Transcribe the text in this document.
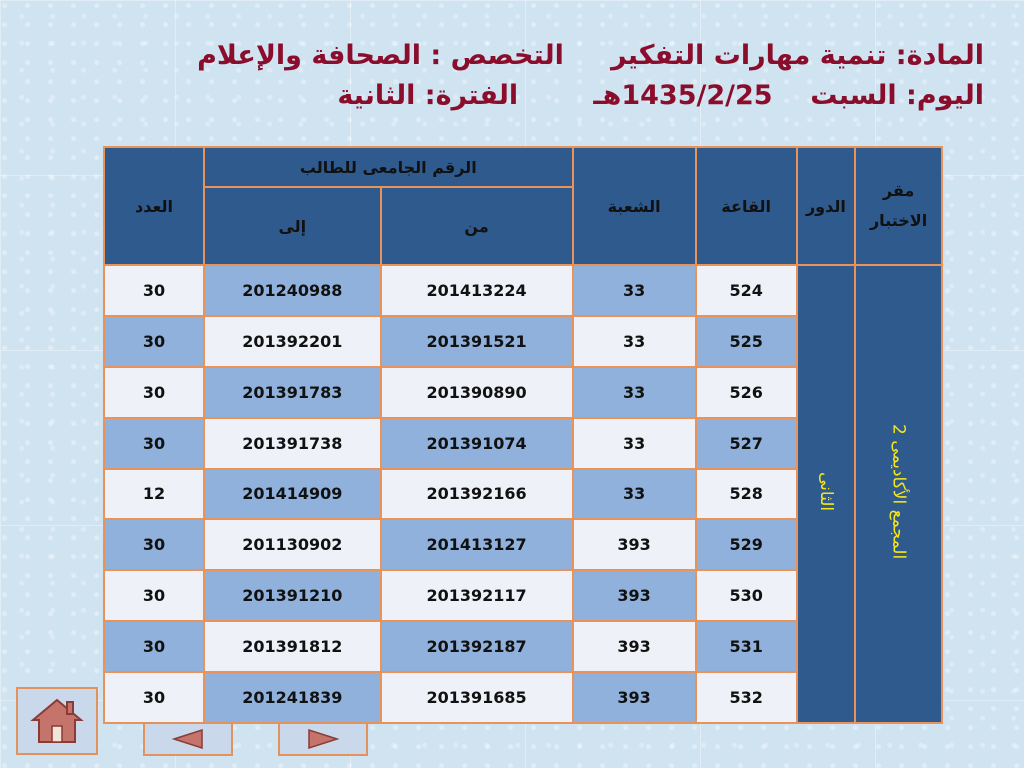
المادة: تنمية مهارات التفكير     التخصص : الصحافة والإعلام
اليوم: السبت    1435/2/25هـ        الفترة: الثانية
مقر الاختبار	الدور	القاعة	الشعبة	الرقم الجامعى للطالب		العدد
				من	إلى	
المجمع الأكاديمى 2	الثانى	524	33	201413224	201240988	30
		525	33	201391521	201392201	30
		526	33	201390890	201391783	30
		527	33	201391074	201391738	30
		528	33	201392166	201414909	12
		529	393	201413127	201130902	30
		530	393	201392117	201391210	30
		531	393	201392187	201391812	30
		532	393	201391685	201241839	30
